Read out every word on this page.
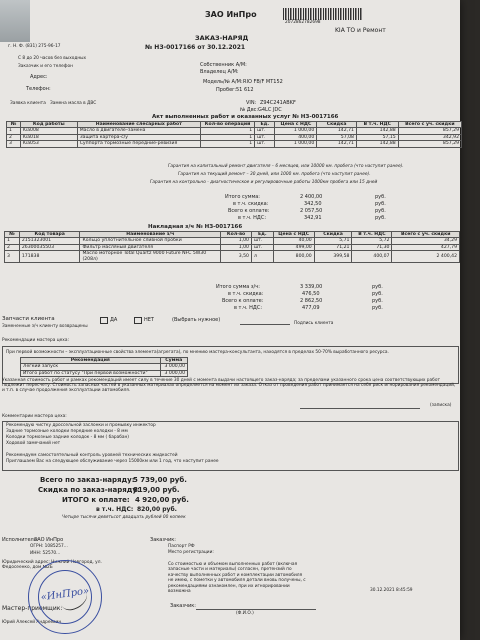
ЗАО ИнПро
2072862782698
KIA ТО и Ремонт
г. Н. Ф. (831) 275-96-17
С 8 до 20 часов без выходных
Заказчик и его телефон
ЗАКАЗ-НАРЯД
№ НЗ-0017166 от 30.12.2021
Собственник А/М:
Владелец А/М:
Адрес:
Телефон:
Модель/№ А/М: RIO FB/F МТ152
Пробег: 51 612
VIN: Z94C241ABKF
№ Двс: G4LC JDC
Заявка клиента Замена масла в ДВС
Акт выполненных работ и оказанных услуг № НЗ-0017166
№	Код работы	Наименование слесарных работ	Кол-во операций	Ед.	Цена с НДС	Скидка	В т.ч. НДС	Всего с уч. скидки
1	Kia008	Масло в двигателе–замена	1	шт.	1 000,00	142,71	142,88	857,29
2	Kia018	Защита картера-с/у	1	шт.	400,00	57,08	57,15	342,92
3	Kia053	Суппорта тормозные передние-ревизия	1	шт.	1 000,00	142,71	142,88	857,29
Гарантия на капитальный ремонт двигателя – 6 месяцев, или 10000 км. пробега (что наступит ранее).
Гарантия на текущий ремонт – 30 дней, или 1000 км. пробега (что наступит ранее).
Гарантия на контрольно - диагностическое и регулировочные работы 1000км пробега или 15 дней
Итого сумма:	2 400,00	руб.
в т.ч. скидка:	342,50	руб.
Всего к оплате:	2 057,50	руб.
в т.ч. НДС:	342,91	руб.
Накладная з/ч № НЗ-0017166
№	Код товара	Наименование з/ч	Кол-во	Ед.	Цена с НДС	Скидка	В т.ч. НДС	Всего с уч. скидки
1	2151323001	Кольцо уплотнительное сливной пробки	1,00	шт.	40,00	5,71	5,72	34,29
2	26300035503	Фильтр масляный двигателя	1,00	шт.	499,00	71,21	71,30	427,79
3	171838	Масло моторное Total Quartz 9000 Future NFC 5W30 (208л)	3,50	л	800,00	399,58	400,07	2 400,42
Итого сумма з/ч:	3 339,00	руб.
в т.ч. скидка:	476,50	руб.
Всего к оплате:	2 862,50	руб.
в т.ч. НДС:	477,09	руб.
Запчасти клиента	ДА	НЕТ	(Выбрать нужное)
Замененные з/ч клиенту возвращены
Подпись клиента
Рекомендации мастера цеха:
При первой возможности – эксплуатационные свойства элемента(агрегата), по мнению мастера-консультанта, находятся в пределах 50-70% выработанного ресурса.
Рекомендация	Сумма
Легкий запуск	3 000,00
Итого работ по статусу "При первой возможности"	3 000,00
Указанная стоимость работ и рамках рекомендаций имеет силу в течение 30 дней с момента выдачи настоящего заказ-наряда; за пределами указанного срока цена соответствующих работ подлежит пересчету. Стоимость запасных частей в указанных материалах определяется на момент их заказа. Отказ от проведения работ принимается на себя риск игнорирования рекомендаций, и т.п. в случае продолжения эксплуатации автомобиля.
(записка)
Комментарии мастера цеха:
Рекомендую чистку дроссельной заслонки и промывку инжектор
Задние тормозные колодки передние колодки - 8 мм
Колодки тормозные задние колодок - 8 мм ( барабан)
Ходовой замечаний нет
Рекомендуем самостоятельный контроль уровней технических жидкостей
Приглашаем Вас на следующее обслуживание через 15000км или 1 год, что наступит ранее
Всего по заказ-наряду:
5 739,00 руб.
Скидка по заказ-наряду:
819,00 руб.
ИТОГО к оплате: 4 920,00 руб.
в т.ч. НДС: 820,00 руб.
Четыре тысячи девятьсот двадцать рублей 00 копеек
Исполнитель:
ЗАО ИнПро
ОГРН: 1085257...
ИНН: 52570...
Юридический адрес: Нижний Новгород, ул. Федосеенко, дом №2Б
Мастер-приемщик:
Юрий Алексей Андреевич
«ИнПро»
Заказчик:
Паспорт РФ
Место регистрации:
Со стоимостью и объемом выполненных работ (включая запасные части и материалы) согласен, претензий по качеству выполненных работ и комплектации автомобиля не имею, с пометки у автомобиля детали вновь получены, с рекомендациями ознакомлен, при их игнорировании возможна	30.12.2021 8:45:59
Заказчик:
(Ф.И.О.)
